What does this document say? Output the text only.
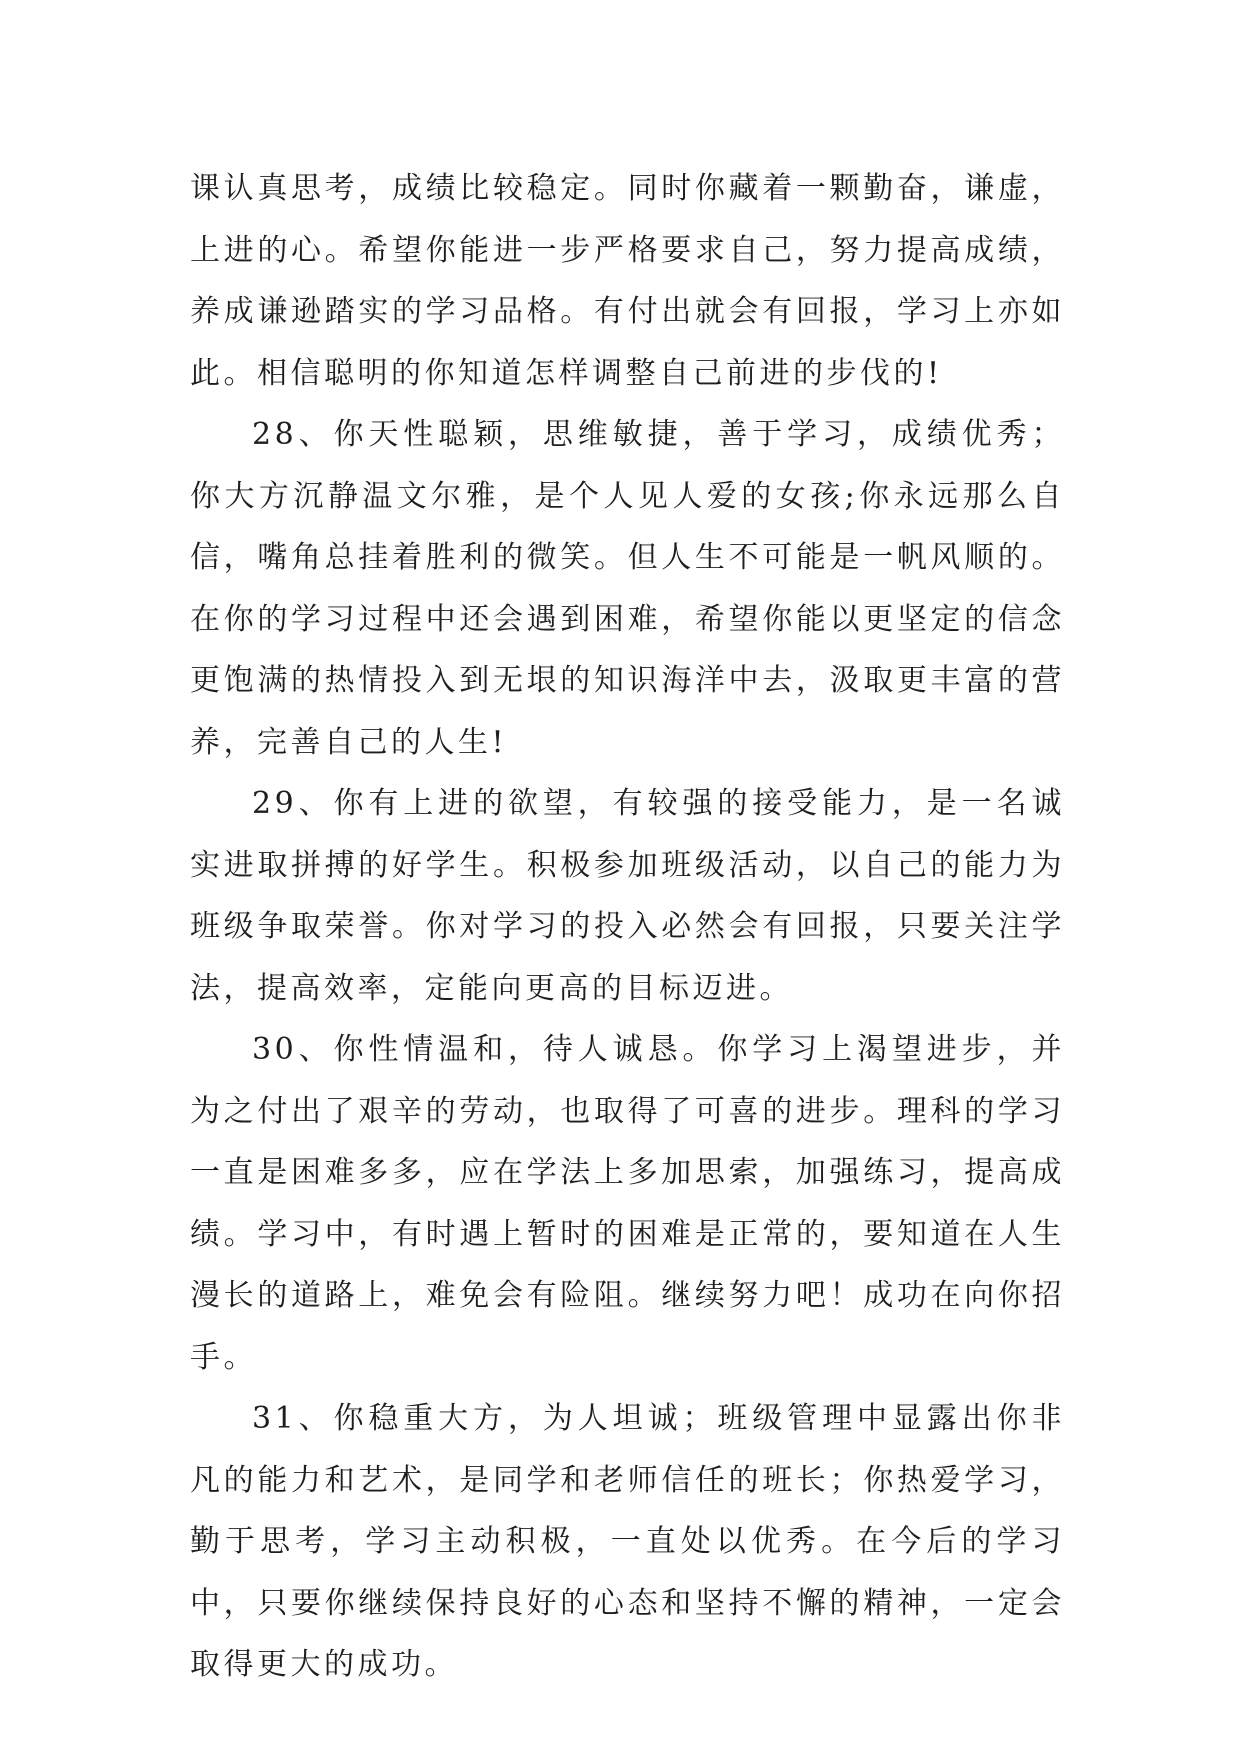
课认真思考，成绩比较稳定。同时你藏着一颗勤奋，谦虚，上进的心。希望你能进一步严格要求自己，努力提高成绩，养成谦逊踏实的学习品格。有付出就会有回报，学习上亦如此。相信聪明的你知道怎样调整自己前进的步伐的!

28、你天性聪颖，思维敏捷，善于学习，成绩优秀；你大方沉静温文尔雅，是个人见人爱的女孩;你永远那么自信，嘴角总挂着胜利的微笑。但人生不可能是一帆风顺的。在你的学习过程中还会遇到困难，希望你能以更坚定的信念更饱满的热情投入到无垠的知识海洋中去，汲取更丰富的营养，完善自己的人生!

29、你有上进的欲望，有较强的接受能力，是一名诚实进取拼搏的好学生。积极参加班级活动，以自己的能力为班级争取荣誉。你对学习的投入必然会有回报，只要关注学法，提高效率，定能向更高的目标迈进。

30、你性情温和，待人诚恳。你学习上渴望进步，并为之付出了艰辛的劳动，也取得了可喜的进步。理科的学习一直是困难多多，应在学法上多加思索，加强练习，提高成绩。学习中，有时遇上暂时的困难是正常的，要知道在人生漫长的道路上，难免会有险阻。继续努力吧！成功在向你招手。

31、你稳重大方，为人坦诚；班级管理中显露出你非凡的能力和艺术，是同学和老师信任的班长；你热爱学习，勤于思考，学习主动积极，一直处以优秀。在今后的学习中，只要你继续保持良好的心态和坚持不懈的精神，一定会取得更大的成功。
